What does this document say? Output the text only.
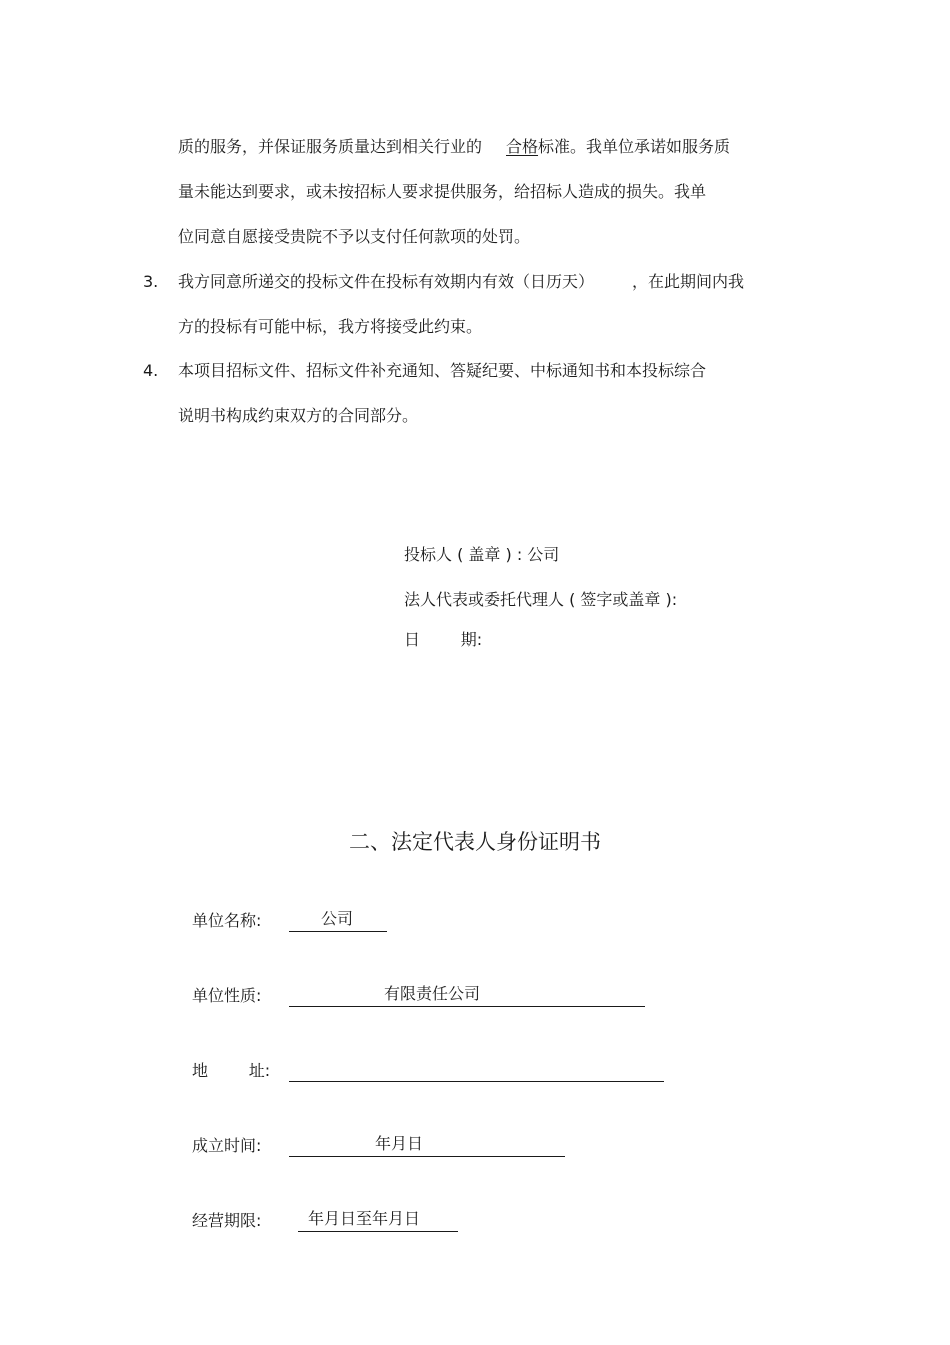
质的服务，并保证服务质量达到相关行业的 合格标准。我单位承诺如服务质
量未能达到要求，或未按招标人要求提供服务，给招标人造成的损失。我单
位同意自愿接受贵院不予以支付任何款项的处罚。
3.	我方同意所递交的投标文件在投标有效期内有效（日历天） ，在此期间内我
方的投标有可能中标，我方将接受此约束。
4.	本项目招标文件、招标文件补充通知、答疑纪要、中标通知书和本投标综合
说明书构成约束双方的合同部分。
投标人 ( 盖章 ) : 公司
法人代表或委托代理人 ( 签字或盖章 ):
日        期:
二、法定代表人身份证明书
单位名称:	公司
单位性质:	有限责任公司
地        址:
成立时间:	年月日
经营期限:	年月日至年月日
